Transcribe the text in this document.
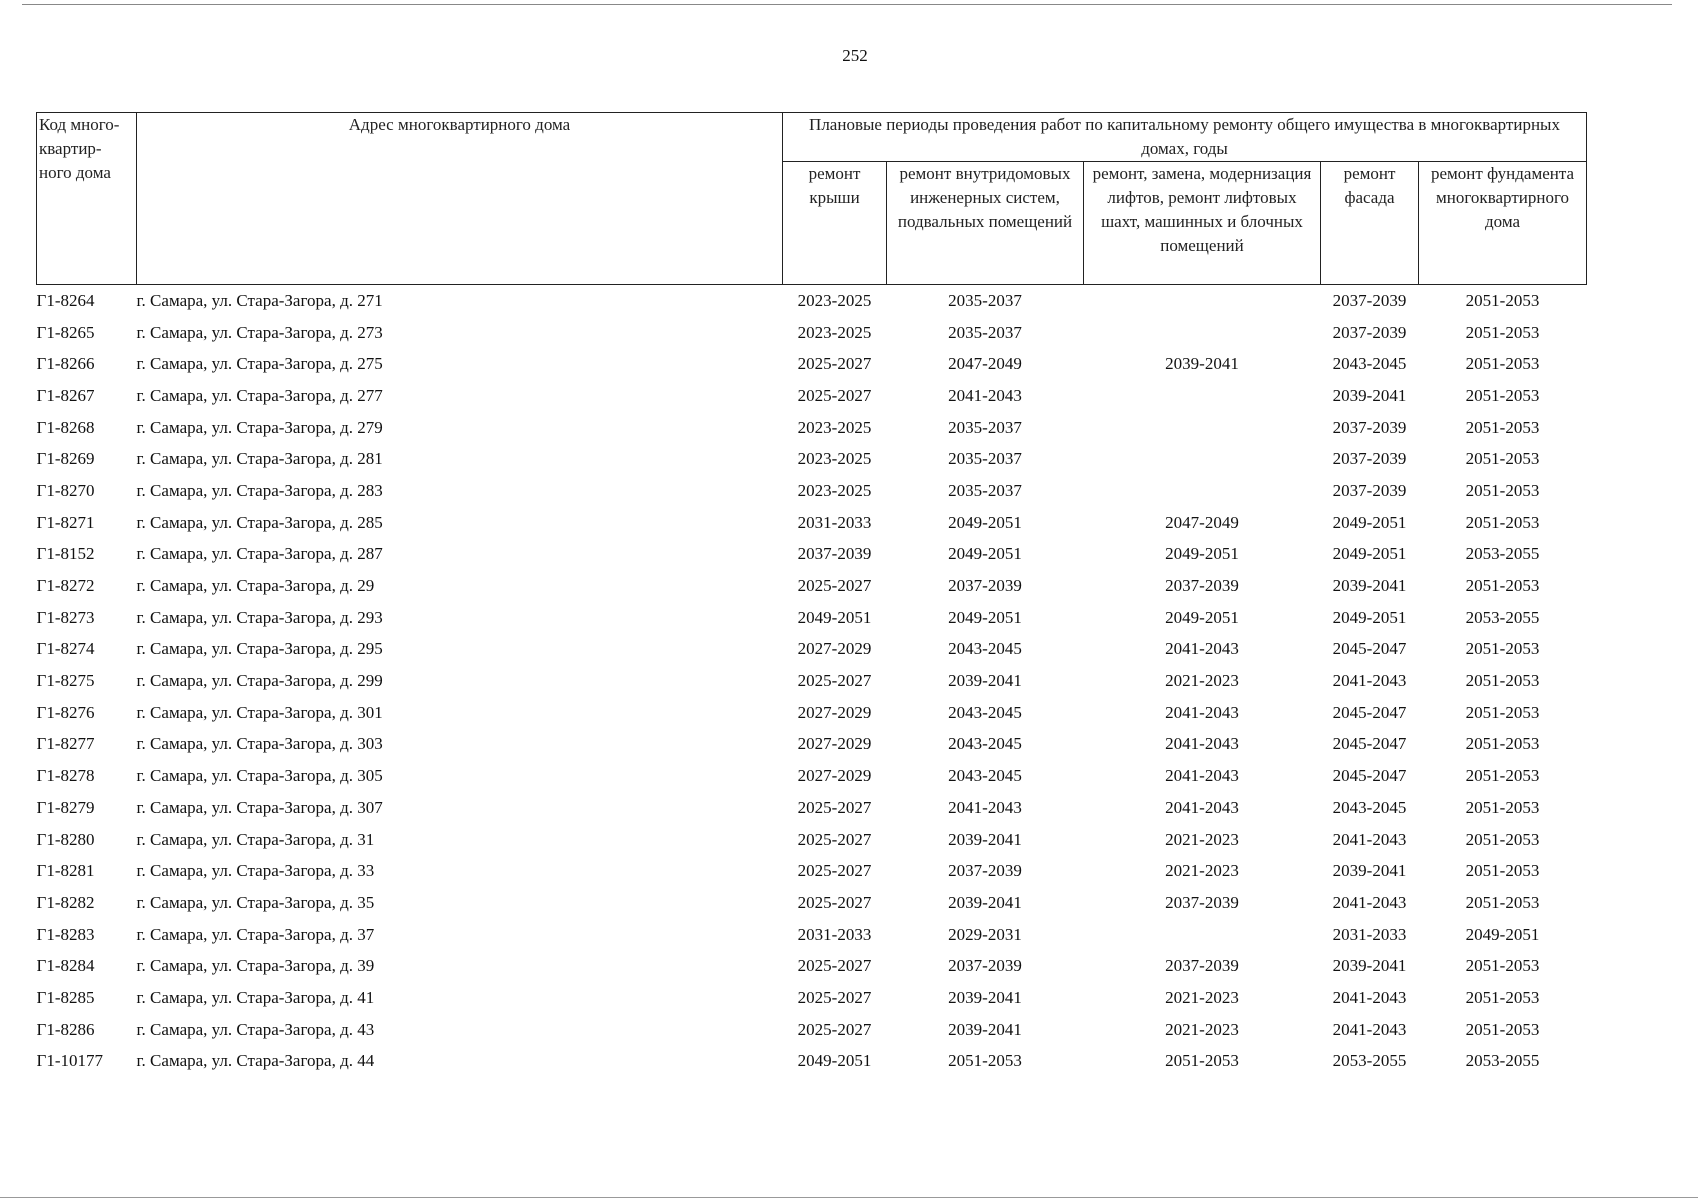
252
Код много-квартир-ного дома	Адрес многоквартирного дома	Плановые периоды проведения работ по капитальному ремонту общего имущества в многоквартирных домах, годы				
		ремонт крыши	ремонт внутридомовых инженерных систем, подвальных помещений	ремонт, замена, модернизация лифтов, ремонт лифтовых шахт, машинных и блочных помещений	ремонт фасада	ремонт фундамента многоквартирного дома
Г1-8264	г. Самара, ул. Стара-Загора, д. 271	2023-2025	2035-2037		2037-2039	2051-2053
Г1-8265	г. Самара, ул. Стара-Загора, д. 273	2023-2025	2035-2037		2037-2039	2051-2053
Г1-8266	г. Самара, ул. Стара-Загора, д. 275	2025-2027	2047-2049	2039-2041	2043-2045	2051-2053
Г1-8267	г. Самара, ул. Стара-Загора, д. 277	2025-2027	2041-2043		2039-2041	2051-2053
Г1-8268	г. Самара, ул. Стара-Загора, д. 279	2023-2025	2035-2037		2037-2039	2051-2053
Г1-8269	г. Самара, ул. Стара-Загора, д. 281	2023-2025	2035-2037		2037-2039	2051-2053
Г1-8270	г. Самара, ул. Стара-Загора, д. 283	2023-2025	2035-2037		2037-2039	2051-2053
Г1-8271	г. Самара, ул. Стара-Загора, д. 285	2031-2033	2049-2051	2047-2049	2049-2051	2051-2053
Г1-8152	г. Самара, ул. Стара-Загора, д. 287	2037-2039	2049-2051	2049-2051	2049-2051	2053-2055
Г1-8272	г. Самара, ул. Стара-Загора, д. 29	2025-2027	2037-2039	2037-2039	2039-2041	2051-2053
Г1-8273	г. Самара, ул. Стара-Загора, д. 293	2049-2051	2049-2051	2049-2051	2049-2051	2053-2055
Г1-8274	г. Самара, ул. Стара-Загора, д. 295	2027-2029	2043-2045	2041-2043	2045-2047	2051-2053
Г1-8275	г. Самара, ул. Стара-Загора, д. 299	2025-2027	2039-2041	2021-2023	2041-2043	2051-2053
Г1-8276	г. Самара, ул. Стара-Загора, д. 301	2027-2029	2043-2045	2041-2043	2045-2047	2051-2053
Г1-8277	г. Самара, ул. Стара-Загора, д. 303	2027-2029	2043-2045	2041-2043	2045-2047	2051-2053
Г1-8278	г. Самара, ул. Стара-Загора, д. 305	2027-2029	2043-2045	2041-2043	2045-2047	2051-2053
Г1-8279	г. Самара, ул. Стара-Загора, д. 307	2025-2027	2041-2043	2041-2043	2043-2045	2051-2053
Г1-8280	г. Самара, ул. Стара-Загора, д. 31	2025-2027	2039-2041	2021-2023	2041-2043	2051-2053
Г1-8281	г. Самара, ул. Стара-Загора, д. 33	2025-2027	2037-2039	2021-2023	2039-2041	2051-2053
Г1-8282	г. Самара, ул. Стара-Загора, д. 35	2025-2027	2039-2041	2037-2039	2041-2043	2051-2053
Г1-8283	г. Самара, ул. Стара-Загора, д. 37	2031-2033	2029-2031		2031-2033	2049-2051
Г1-8284	г. Самара, ул. Стара-Загора, д. 39	2025-2027	2037-2039	2037-2039	2039-2041	2051-2053
Г1-8285	г. Самара, ул. Стара-Загора, д. 41	2025-2027	2039-2041	2021-2023	2041-2043	2051-2053
Г1-8286	г. Самара, ул. Стара-Загора, д. 43	2025-2027	2039-2041	2021-2023	2041-2043	2051-2053
Г1-10177	г. Самара, ул. Стара-Загора, д. 44	2049-2051	2051-2053	2051-2053	2053-2055	2053-2055
